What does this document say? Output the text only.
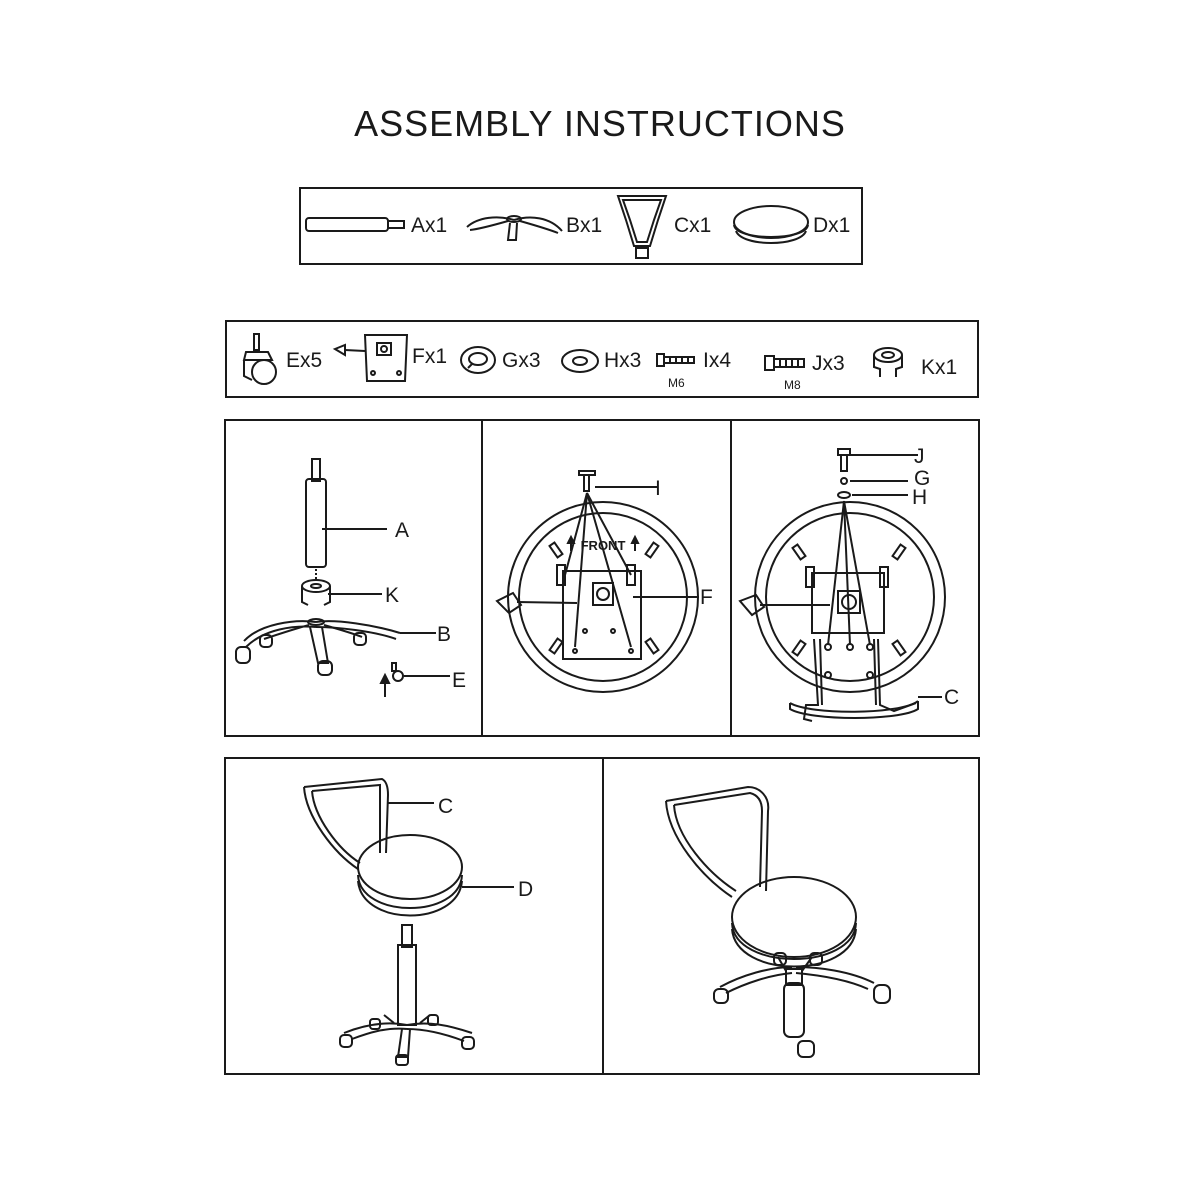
ASSEMBLY INSTRUCTIONS
Ax1	Bx1	Cx1	Dx1
Ex5	Fx1	Gx3	Hx3	Ix4
M6
Jx3
M8
Kx1
A
K
B
E
FRONT
I
F
J
G
H
C
C
D
